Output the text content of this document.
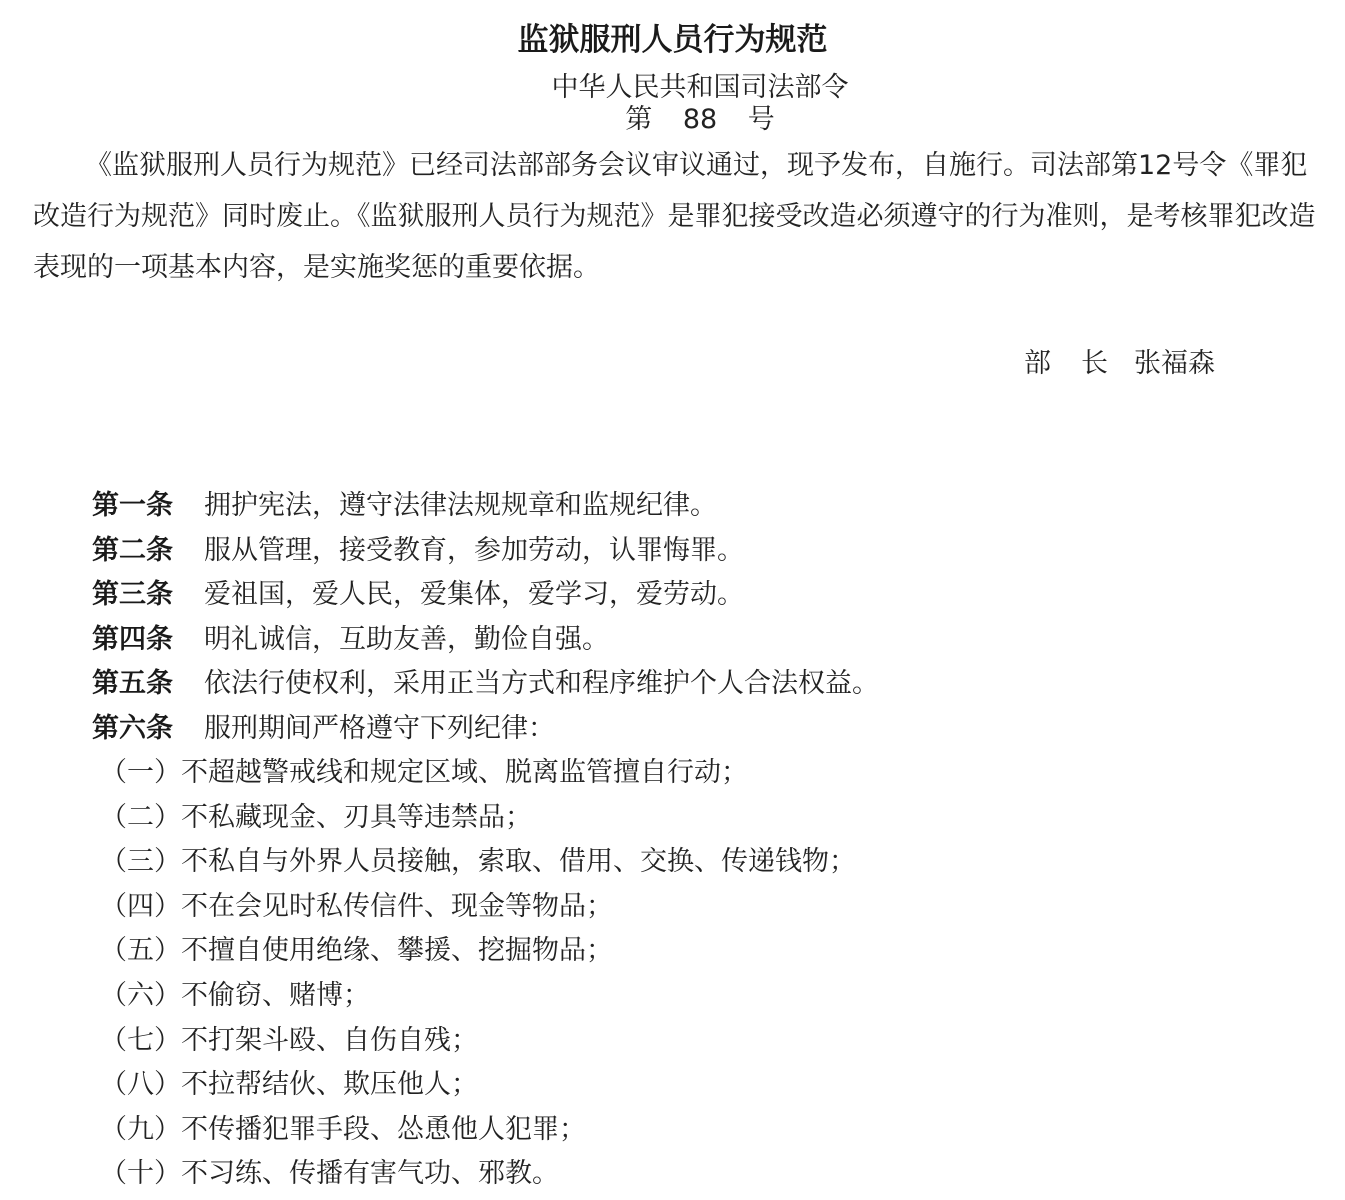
监狱服刑人员行为规范
中华人民共和国司法部令
第 88 号

《监狱服刑人员行为规范》已经司法部部务会议审议通过，现予发布，自施行。司法部第12号令《罪犯改造行为规范》同时废止。《监狱服刑人员行为规范》是罪犯接受改造必须遵守的行为准则，是考核罪犯改造表现的一项基本内容，是实施奖惩的重要依据。

部长张福森
第一条 拥护宪法，遵守法律法规规章和监规纪律。
第二条 服从管理，接受教育，参加劳动，认罪悔罪。
第三条 爱祖国，爱人民，爱集体，爱学习，爱劳动。
第四条 明礼诚信，互助友善，勤俭自强。
第五条 依法行使权利，采用正当方式和程序维护个人合法权益。
第六条 服刑期间严格遵守下列纪律：
（一）不超越警戒线和规定区域、脱离监管擅自行动；
（二）不私藏现金、刃具等违禁品；
（三）不私自与外界人员接触，索取、借用、交换、传递钱物；
（四）不在会见时私传信件、现金等物品；
（五）不擅自使用绝缘、攀援、挖掘物品；
（六）不偷窃、赌博；
（七）不打架斗殴、自伤自残；
（八）不拉帮结伙、欺压他人；
（九）不传播犯罪手段、怂恿他人犯罪；
（十）不习练、传播有害气功、邪教。
